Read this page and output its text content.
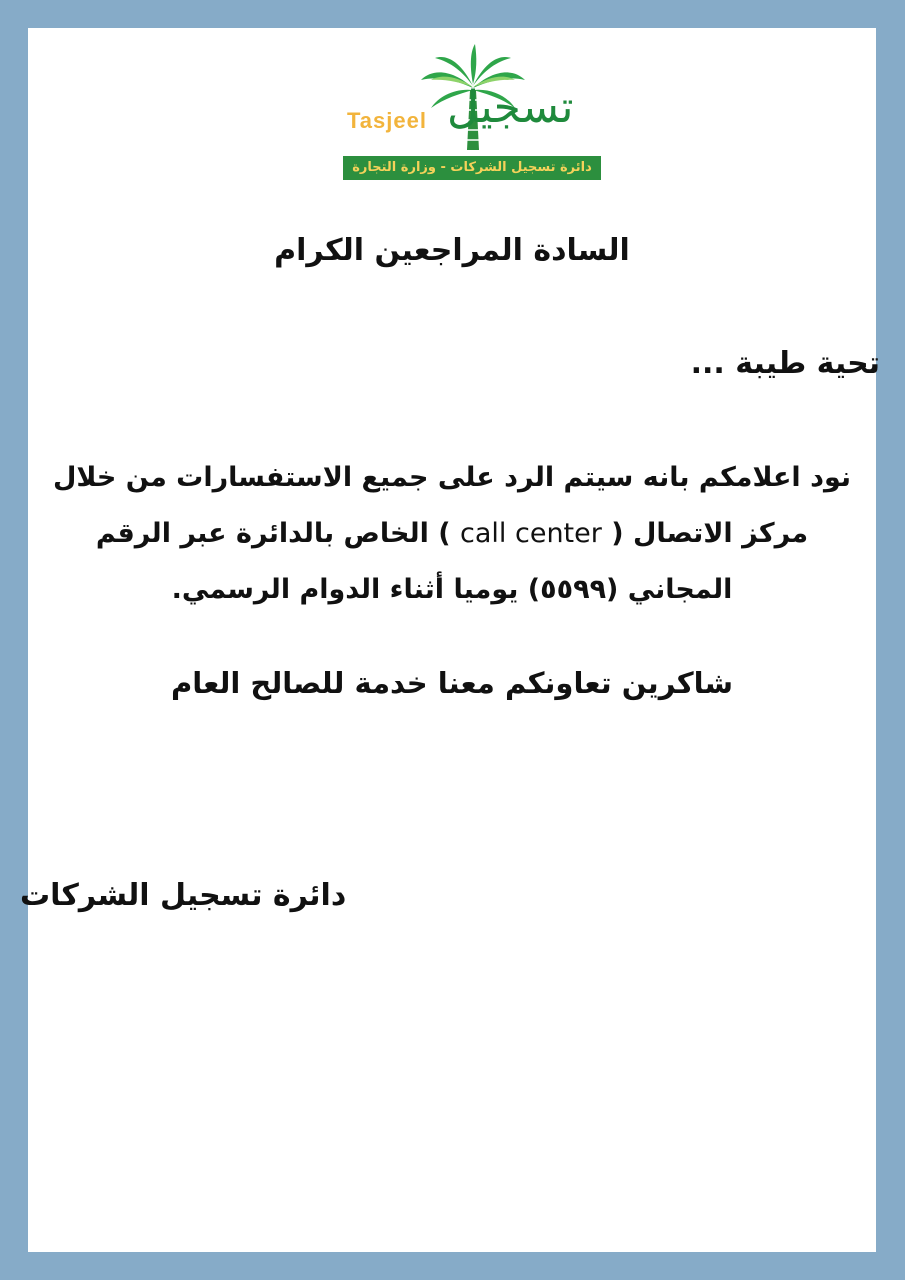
Tasjeel تسجيل
دائرة تسجيل الشركات - وزارة التجارة
السادة المراجعين الكرام
تحية طيبة ...
نود اعلامكم بانه سيتم الرد على جميع الاستفسارات من خلال مركز الاتصال ( call center ) الخاص بالدائرة عبر الرقم المجاني (٥٥٩٩) يوميا أثناء الدوام الرسمي.
شاكرين تعاونكم معنا خدمة للصالح العام
دائرة تسجيل الشركات
